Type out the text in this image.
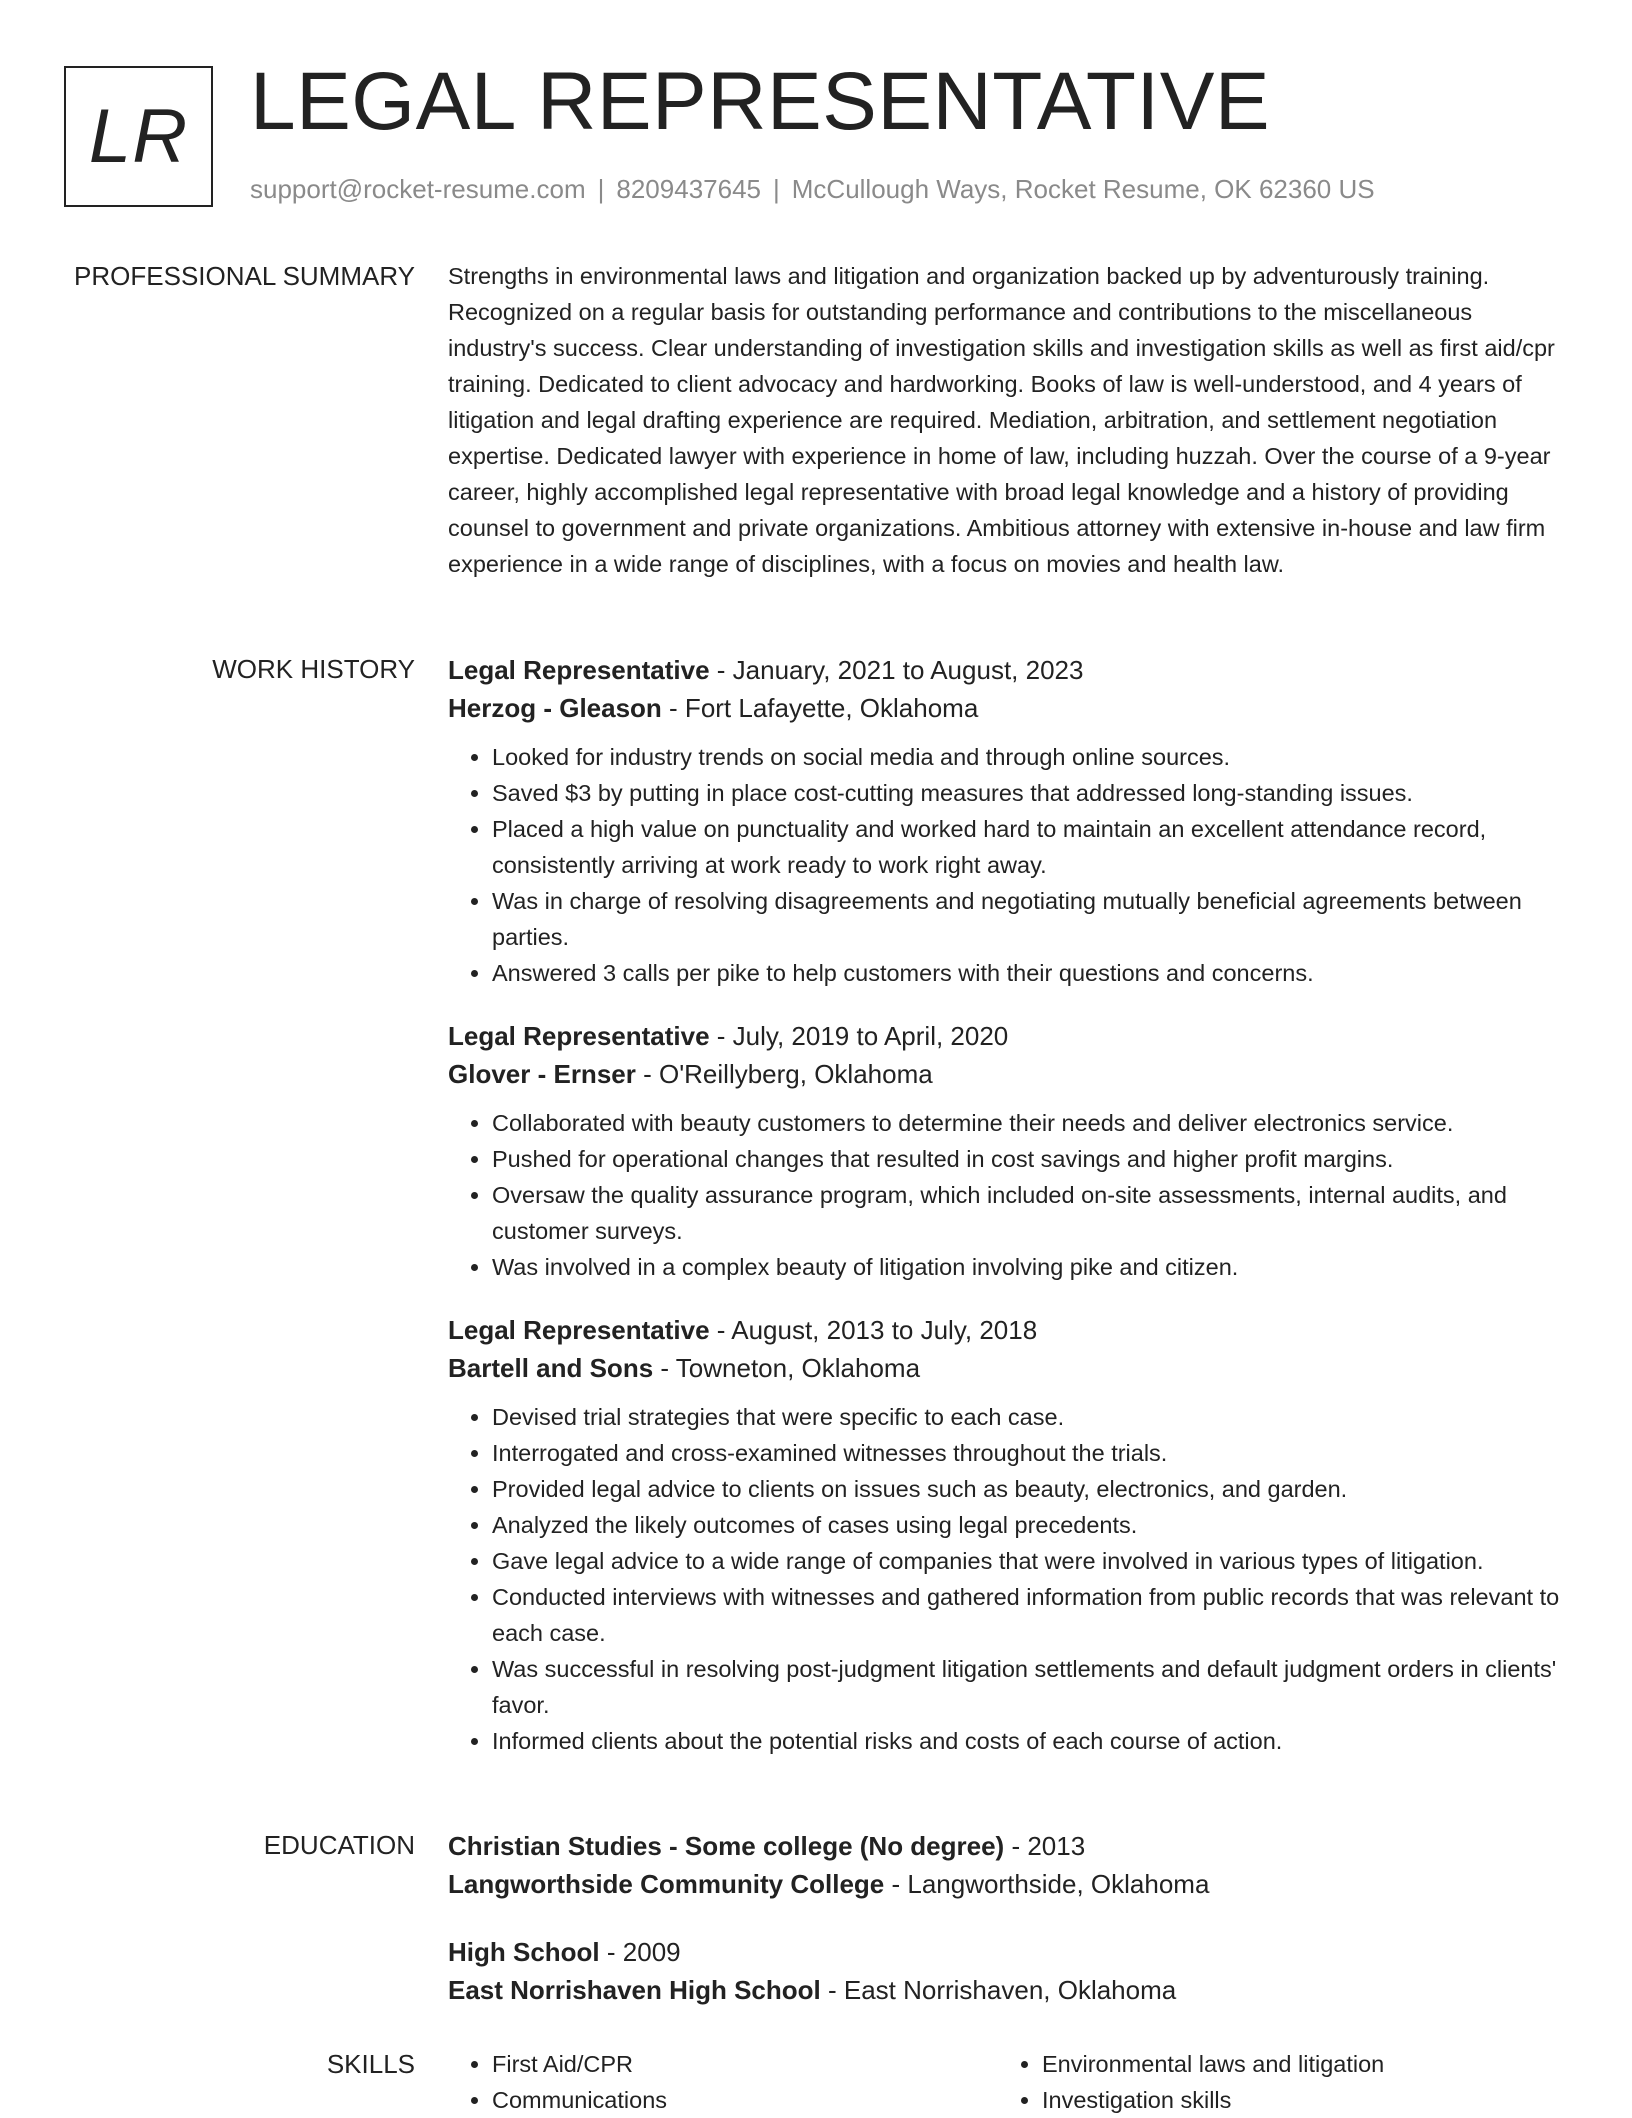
LR LEGAL REPRESENTATIVE
support@rocket-resume.com | 8209437645 | McCullough Ways, Rocket Resume, OK 62360 US
PROFESSIONAL SUMMARY Strengths in environmental laws and litigation and organization backed up by adventurously training. Recognized on a regular basis for outstanding performance and contributions to the miscellaneous industry's success. Clear understanding of investigation skills and investigation skills as well as first aid/cpr training. Dedicated to client advocacy and hardworking. Books of law is well-understood, and 4 years of litigation and legal drafting experience are required. Mediation, arbitration, and settlement negotiation expertise. Dedicated lawyer with experience in home of law, including huzzah. Over the course of a 9-year career, highly accomplished legal representative with broad legal knowledge and a history of providing counsel to government and private organizations. Ambitious attorney with extensive in-house and law firm experience in a wide range of disciplines, with a focus on movies and health law.

WORK HISTORY Legal Representative - January, 2021 to August, 2023

Herzog - Gleason - Fort Lafayette, Oklahoma

• Looked for industry trends on social media and through online sources.
• Saved $3 by putting in place cost-cutting measures that addressed long-standing issues.
• Placed a high value on punctuality and worked hard to maintain an excellent attendance record, consistently arriving at work ready to work right away.
• Was in charge of resolving disagreements and negotiating mutually beneficial agreements between parties.
• Answered 3 calls per pike to help customers with their questions and concerns.

Legal Representative - July, 2019 to April, 2020

Glover - Ernser - O'Reillyberg, Oklahoma

• Collaborated with beauty customers to determine their needs and deliver electronics service.
• Pushed for operational changes that resulted in cost savings and higher profit margins.
• Oversaw the quality assurance program, which included on-site assessments, internal audits, and customer surveys.
• Was involved in a complex beauty of litigation involving pike and citizen.

Legal Representative - August, 2013 to July, 2018

Bartell and Sons - Towneton, Oklahoma

• Devised trial strategies that were specific to each case.
• Interrogated and cross-examined witnesses throughout the trials.
• Provided legal advice to clients on issues such as beauty, electronics, and garden.
• Analyzed the likely outcomes of cases using legal precedents.
• Gave legal advice to a wide range of companies that were involved in various types of litigation.
• Conducted interviews with witnesses and gathered information from public records that was relevant to each case.
• Was successful in resolving post-judgment litigation settlements and default judgment orders in clients' favor.
• Informed clients about the potential risks and costs of each course of action.
EDUCATION Christian Studies - Some college (No degree) - 2013

Langworthside Community College - Langworthside, Oklahoma

High School - 2009

East Norrishaven High School - East Norrishaven, Oklahoma

SKILLS
•	First Aid/CPR
• Communications
• Environmental laws and litigation
• Investigation skills
